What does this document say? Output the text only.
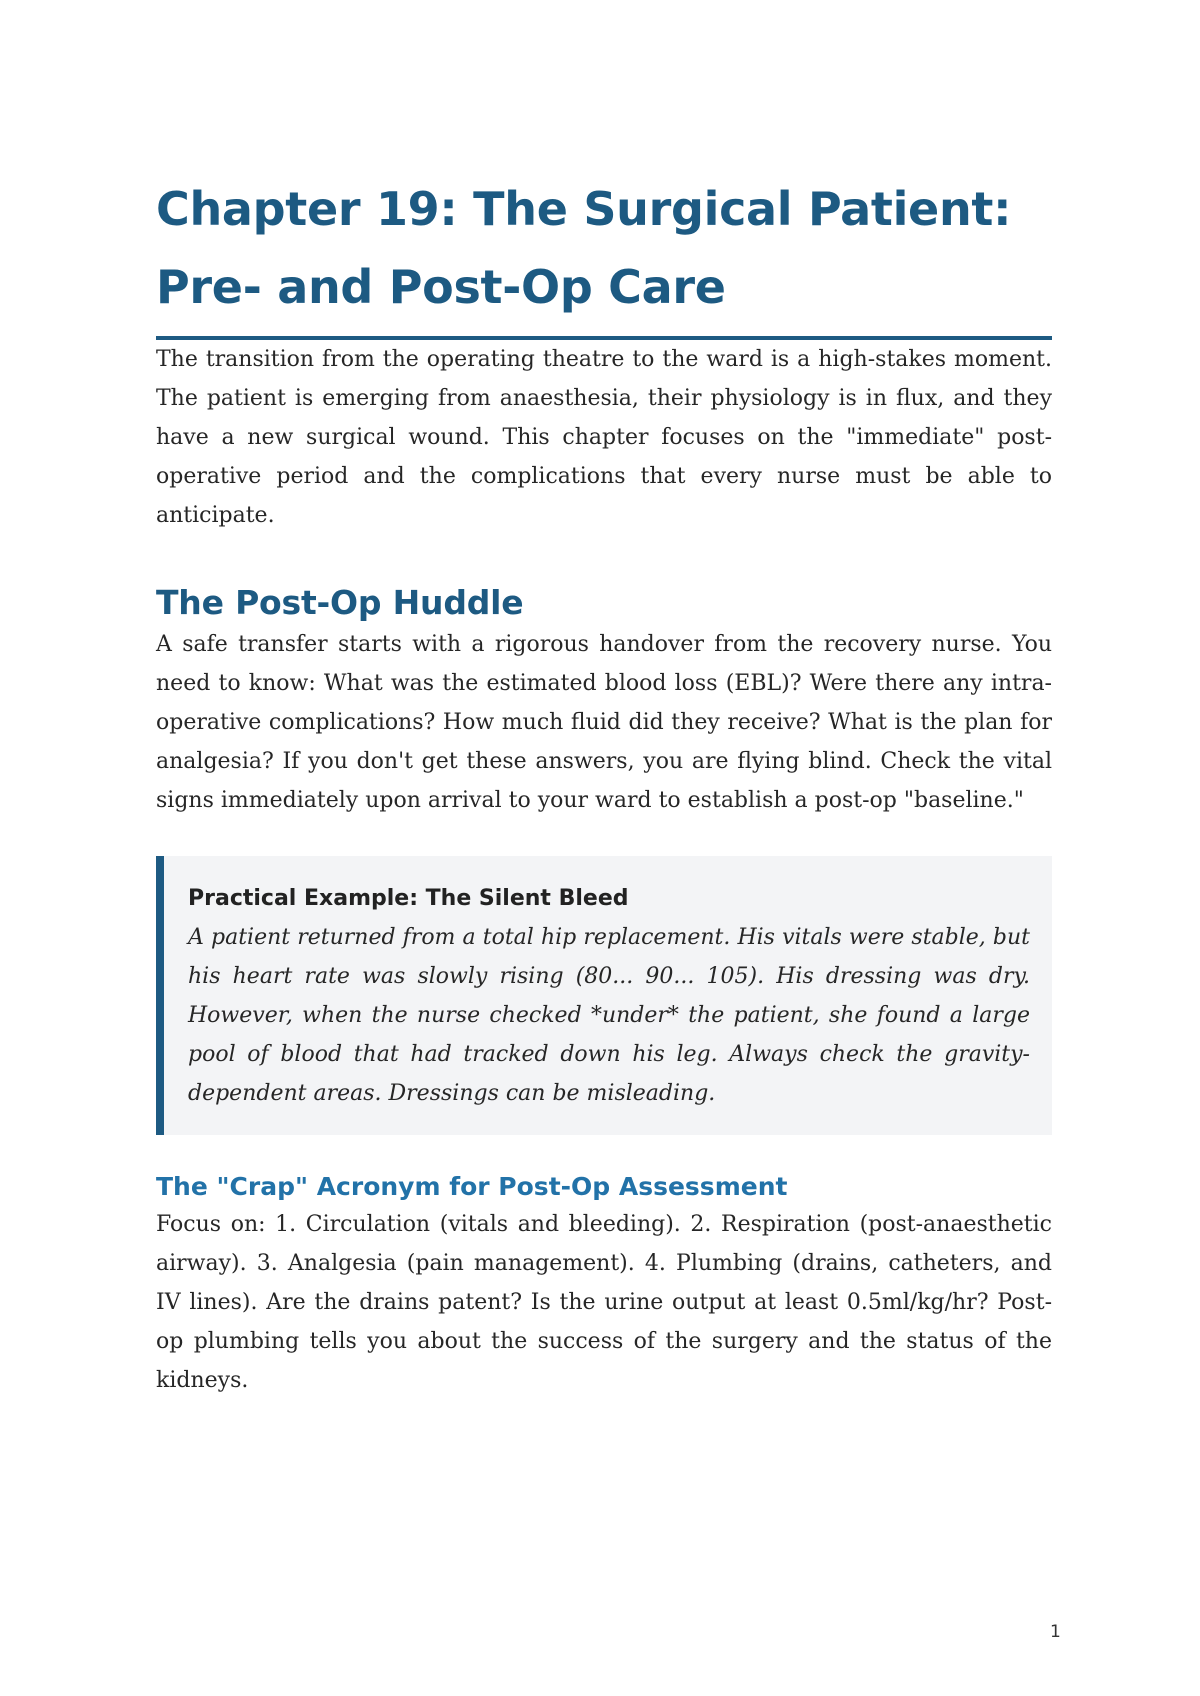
Chapter 19: The Surgical Patient:
Pre- and Post-Op Care

The transition from the operating theatre to the ward is a high-stakes moment. The patient is emerging from anaesthesia, their physiology is in flux, and they have a new surgical wound. This chapter focuses on the "immediate" post-operative period and the complications that every nurse must be able to anticipate.

The Post-Op Huddle

A safe transfer starts with a rigorous handover from the recovery nurse. You need to know: What was the estimated blood loss (EBL)? Were there any intra-operative complications? How much fluid did they receive? What is the plan for analgesia? If you don't get these answers, you are flying blind. Check the vital signs immediately upon arrival to your ward to establish a post-op "baseline."

Practical Example: The Silent Bleed

A patient returned from a total hip replacement. His vitals were stable, but his heart rate was slowly rising (80... 90... 105). His dressing was dry. However, when the nurse checked *under* the patient, she found a large pool of blood that had tracked down his leg. Always check the gravity-dependent areas. Dressings can be misleading.

The "Crap" Acronym for Post-Op Assessment

Focus on: 1. Circulation (vitals and bleeding). 2. Respiration (post-anaesthetic airway). 3. Analgesia (pain management). 4. Plumbing (drains, catheters, and IV lines). Are the drains patent? Is the urine output at least 0.5ml/kg/hr? Post-op plumbing tells you about the success of the surgery and the status of the kidneys.

1
